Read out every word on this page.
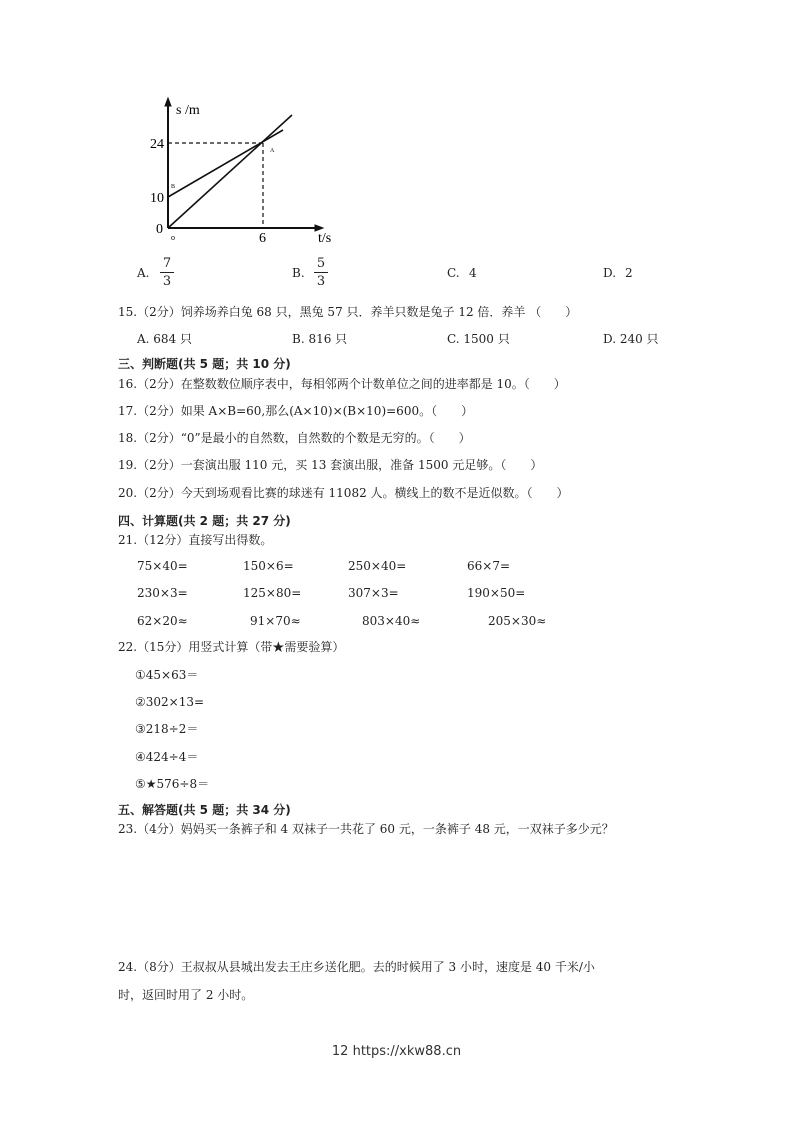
s /m
t/s
24
10
0
6
o
A
B
A.
7
3
B.
5
3
C. 4	D. 2
15.（2分）饲养场养白兔 68 只，黑兔 57 只．养羊只数是兔子 12 倍．养羊 （　　）
A. 684 只	B. 816 只	C. 1500 只	D. 240 只
三、判断题(共 5 题；共 10 分)
16.（2分）在整数数位顺序表中，每相邻两个计数单位之间的进率都是 10。（　　）
17.（2分）如果 A×B=60,那么(A×10)×(B×10)=600。（　　）
18.（2分）“0”是最小的自然数，自然数的个数是无穷的。（　　）
19.（2分）一套演出服 110 元，买 13 套演出服，准备 1500 元足够。（　　）
20.（2分）今天到场观看比赛的球迷有 11082 人。横线上的数不是近似数。（　　）
四、计算题(共 2 题；共 27 分)
21.（12分）直接写出得数。
75×40=	150×6=	250×40=	66×7=
230×3=	125×80=	307×3=	190×50=
62×20≈	91×70≈	803×40≈	205×30≈
22.（15分）用竖式计算（带★需要验算）
①45×63＝
②302×13=
③218÷2＝
④424÷4＝
⑤★576÷8＝
五、解答题(共 5 题；共 34 分)
23.（4分）妈妈买一条裤子和 4 双袜子一共花了 60 元，一条裤子 48 元，一双袜子多少元？
24.（8分）王叔叔从县城出发去王庄乡送化肥。去的时候用了 3 小时，速度是 40 千米/小
时，返回时用了 2 小时。
12 https://xkw88.cn
